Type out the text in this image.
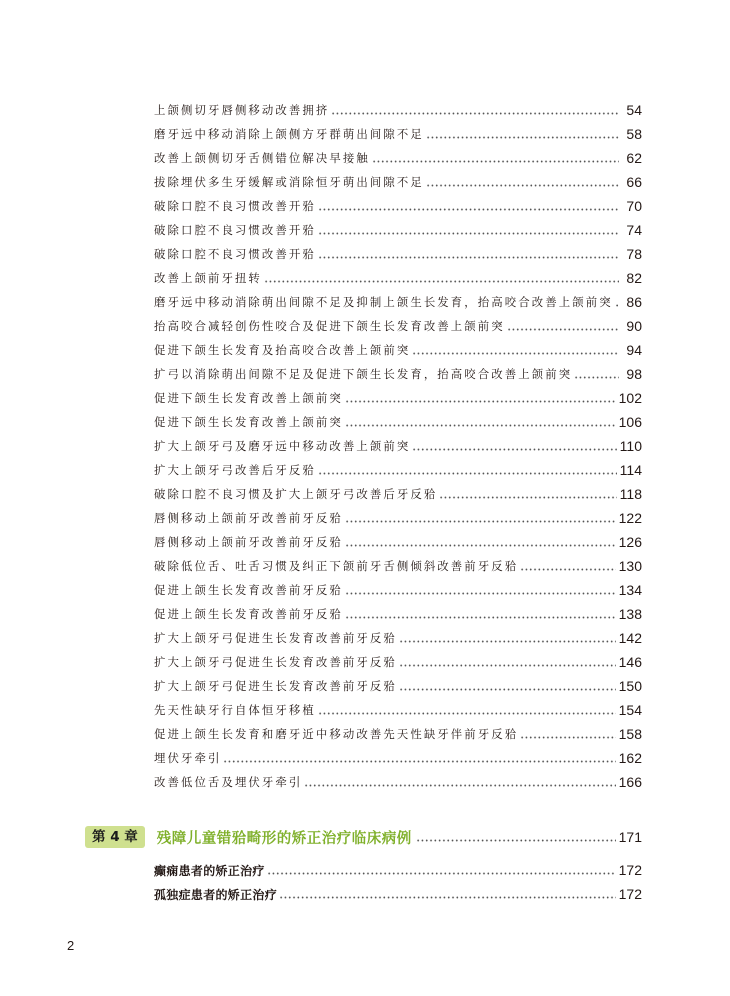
上颌侧切牙唇侧移动改善拥挤	54
磨牙远中移动消除上颌侧方牙群萌出间隙不足	58
改善上颌侧切牙舌侧错位解决早接触	62
拔除埋伏多生牙缓解或消除恒牙萌出间隙不足	66
破除口腔不良习惯改善开𬌗	70
破除口腔不良习惯改善开𬌗	74
破除口腔不良习惯改善开𬌗	78
改善上颌前牙扭转	82
磨牙远中移动消除萌出间隙不足及抑制上颌生长发育，抬高咬合改善上颌前突 86
抬高咬合减轻创伤性咬合及促进下颌生长发育改善上颌前突	90
促进下颌生长发育及抬高咬合改善上颌前突	94
扩弓以消除萌出间隙不足及促进下颌生长发育，抬高咬合改善上颌前突	98
促进下颌生长发育改善上颌前突	102
促进下颌生长发育改善上颌前突	106
扩大上颌牙弓及磨牙远中移动改善上颌前突	110
扩大上颌牙弓改善后牙反𬌗	114
破除口腔不良习惯及扩大上颌牙弓改善后牙反𬌗	118
唇侧移动上颌前牙改善前牙反𬌗	122
唇侧移动上颌前牙改善前牙反𬌗	126
破除低位舌、吐舌习惯及纠正下颌前牙舌侧倾斜改善前牙反𬌗	130
促进上颌生长发育改善前牙反𬌗	134
促进上颌生长发育改善前牙反𬌗	138
扩大上颌牙弓促进生长发育改善前牙反𬌗	142
扩大上颌牙弓促进生长发育改善前牙反𬌗	146
扩大上颌牙弓促进生长发育改善前牙反𬌗	150
先天性缺牙行自体恒牙移植	154
促进上颌生长发育和磨牙近中移动改善先天性缺牙伴前牙反𬌗	158
埋伏牙牵引	162
改善低位舌及埋伏牙牵引	166
第 4 章	残障儿童错𬌗畸形的矫正治疗临床病例	171
癫痫患者的矫正治疗	172
孤独症患者的矫正治疗	172
2
